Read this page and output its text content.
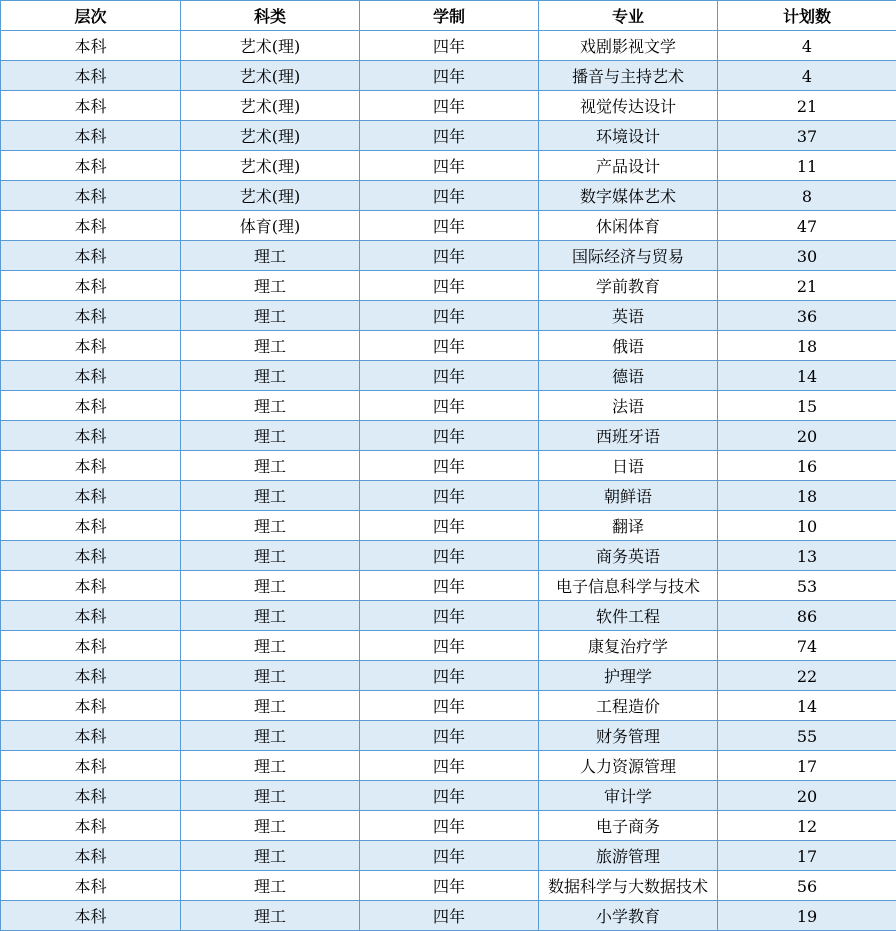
层次	科类	学制	专业	计划数
本科	艺术(理)	四年	戏剧影视文学	4
本科	艺术(理)	四年	播音与主持艺术	4
本科	艺术(理)	四年	视觉传达设计	21
本科	艺术(理)	四年	环境设计	37
本科	艺术(理)	四年	产品设计	11
本科	艺术(理)	四年	数字媒体艺术	8
本科	体育(理)	四年	休闲体育	47
本科	理工	四年	国际经济与贸易	30
本科	理工	四年	学前教育	21
本科	理工	四年	英语	36
本科	理工	四年	俄语	18
本科	理工	四年	德语	14
本科	理工	四年	法语	15
本科	理工	四年	西班牙语	20
本科	理工	四年	日语	16
本科	理工	四年	朝鲜语	18
本科	理工	四年	翻译	10
本科	理工	四年	商务英语	13
本科	理工	四年	电子信息科学与技术	53
本科	理工	四年	软件工程	86
本科	理工	四年	康复治疗学	74
本科	理工	四年	护理学	22
本科	理工	四年	工程造价	14
本科	理工	四年	财务管理	55
本科	理工	四年	人力资源管理	17
本科	理工	四年	审计学	20
本科	理工	四年	电子商务	12
本科	理工	四年	旅游管理	17
本科	理工	四年	数据科学与大数据技术	56
本科	理工	四年	小学教育	19
